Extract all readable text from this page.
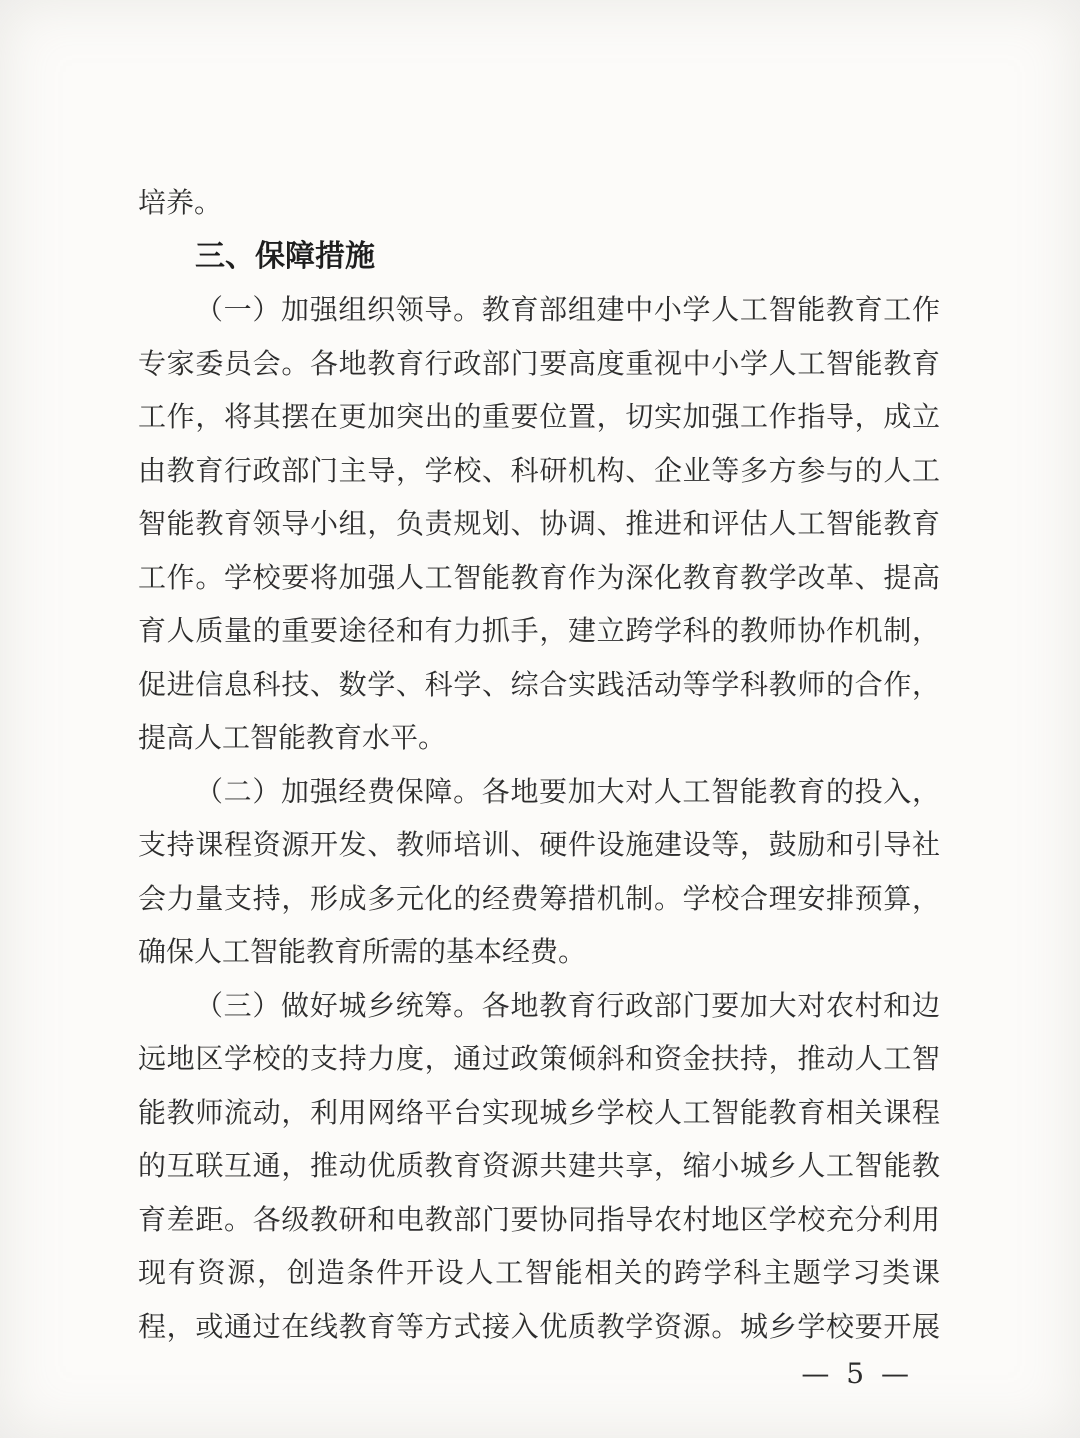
培养。
三、保障措施
（一）加强组织领导。教育部组建中小学人工智能教育工作
专家委员会。各地教育行政部门要高度重视中小学人工智能教育
工作，将其摆在更加突出的重要位置，切实加强工作指导，成立
由教育行政部门主导，学校、科研机构、企业等多方参与的人工
智能教育领导小组，负责规划、协调、推进和评估人工智能教育
工作。学校要将加强人工智能教育作为深化教育教学改革、提高
育人质量的重要途径和有力抓手，建立跨学科的教师协作机制，
促进信息科技、数学、科学、综合实践活动等学科教师的合作，
提高人工智能教育水平。
（二）加强经费保障。各地要加大对人工智能教育的投入，
支持课程资源开发、教师培训、硬件设施建设等，鼓励和引导社
会力量支持，形成多元化的经费筹措机制。学校合理安排预算，
确保人工智能教育所需的基本经费。
（三）做好城乡统筹。各地教育行政部门要加大对农村和边
远地区学校的支持力度，通过政策倾斜和资金扶持，推动人工智
能教师流动，利用网络平台实现城乡学校人工智能教育相关课程
的互联互通，推动优质教育资源共建共享，缩小城乡人工智能教
育差距。各级教研和电教部门要协同指导农村地区学校充分利用
现有资源，创造条件开设人工智能相关的跨学科主题学习类课
程，或通过在线教育等方式接入优质教学资源。城乡学校要开展
— 5 —
